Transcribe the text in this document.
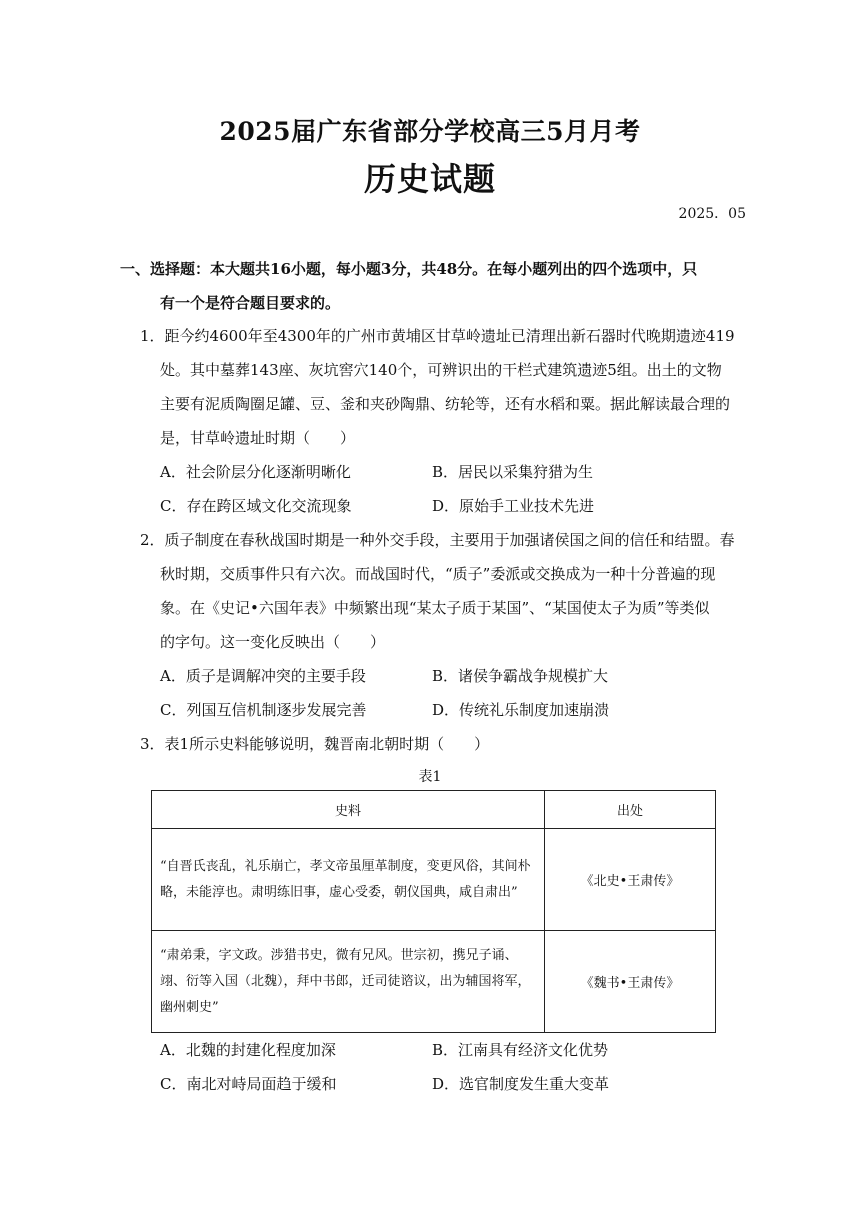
2025届广东省部分学校高三5月月考
历史试题
2025．05
一、选择题：本大题共16小题，每小题3分，共48分。在每小题列出的四个选项中，只
有一个是符合题目要求的。
1．距今约4600年至4300年的广州市黄埔区甘草岭遗址已清理出新石器时代晚期遗迹419
处。其中墓葬143座、灰坑窖穴140个，可辨识出的干栏式建筑遗迹5组。出土的文物
主要有泥质陶圈足罐、豆、釜和夹砂陶鼎、纺轮等，还有水稻和粟。据此解读最合理的
是，甘草岭遗址时期（　　）
A．社会阶层分化逐渐明晰化	B．居民以采集狩猎为生
C．存在跨区域文化交流现象	D．原始手工业技术先进
2．质子制度在春秋战国时期是一种外交手段，主要用于加强诸侯国之间的信任和结盟。春
秋时期，交质事件只有六次。而战国时代，“质子”委派或交换成为一种十分普遍的现
象。在《史记•六国年表》中频繁出现“某太子质于某国”、“某国使太子为质”等类似
的字句。这一变化反映出（　　）
A．质子是调解冲突的主要手段	B．诸侯争霸战争规模扩大
C．列国互信机制逐步发展完善	D．传统礼乐制度加速崩溃
3．表1所示史料能够说明，魏晋南北朝时期（　　）
表1
史料	出处
“自晋氏丧乱，礼乐崩亡，孝文帝虽厘革制度，变更风俗，其间朴略，未能淳也。肃明练旧事，虚心受委，朝仪国典，咸自肃出”	《北史•王肃传》
“肃弟秉，字文政。涉猎书史，微有兄风。世宗初，携兄子诵、翊、衍等入国（北魏），拜中书郎，迁司徒谘议，出为辅国将军，幽州刺史”	《魏书•王肃传》
A．北魏的封建化程度加深	B．江南具有经济文化优势
C．南北对峙局面趋于缓和	D．选官制度发生重大变革
